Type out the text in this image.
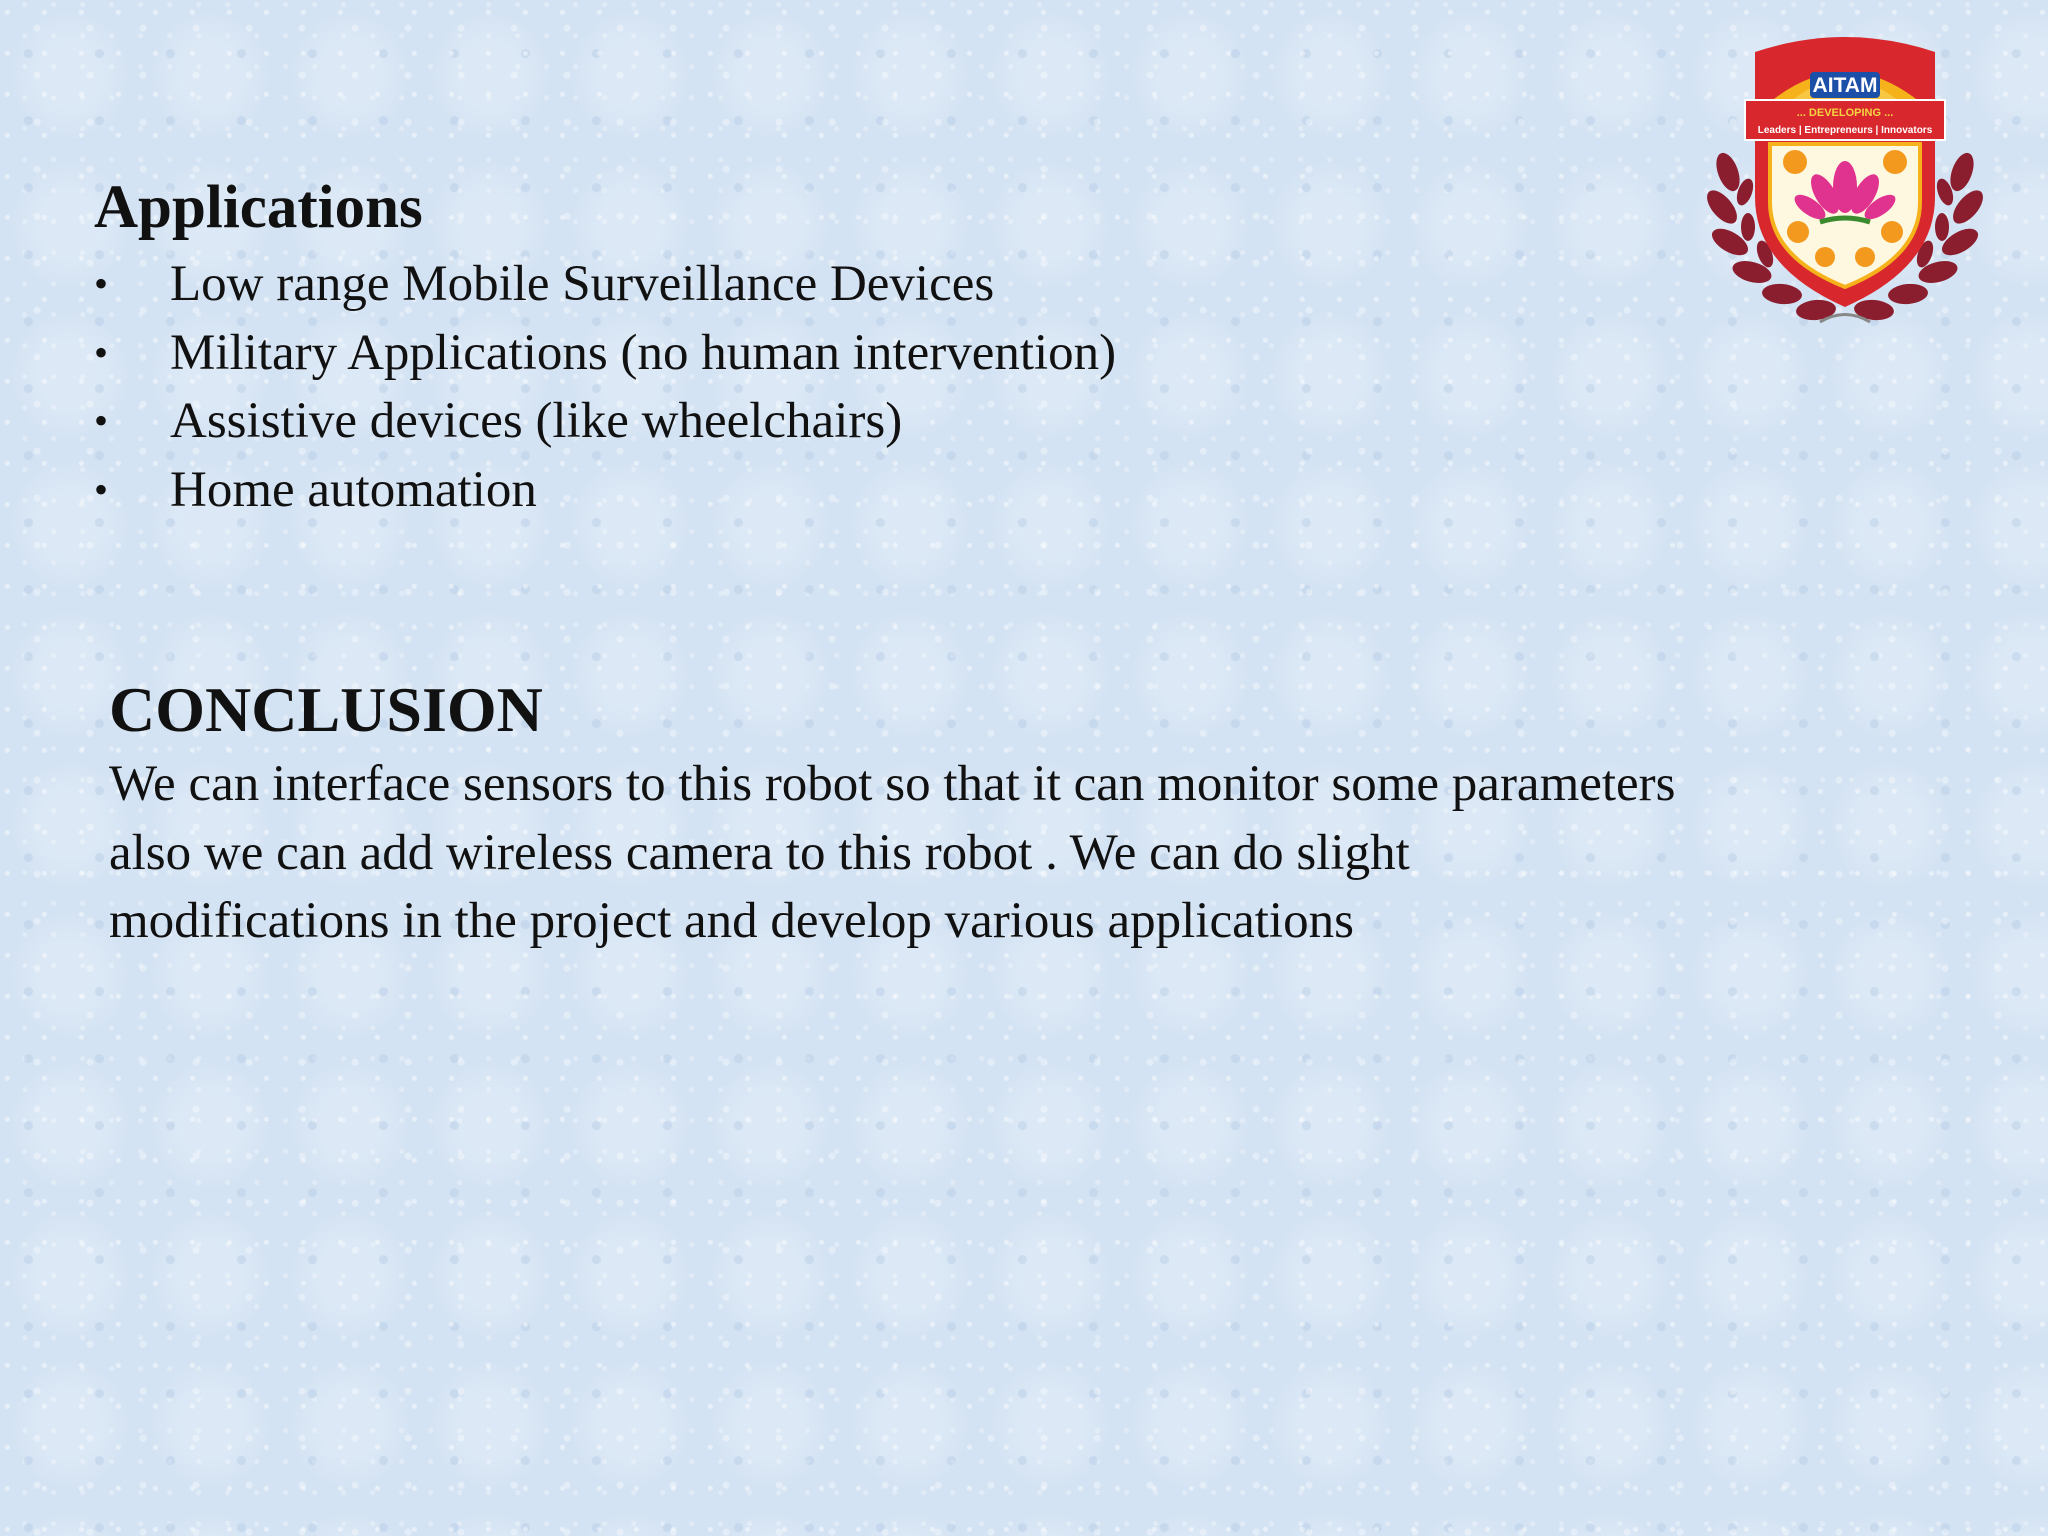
Applications
• Low range Mobile Surveillance Devices
• Military Applications (no human intervention)
• Assistive devices (like wheelchairs)
• Home automation
CONCLUSION

We can interface sensors to this robot so that it can monitor some parameters
also we can add wireless camera to this robot . We can do slight
modifications in the project and develop various applications

AITAM
... DEVELOPING ...
Leaders | Entrepreneurs | Innovators
